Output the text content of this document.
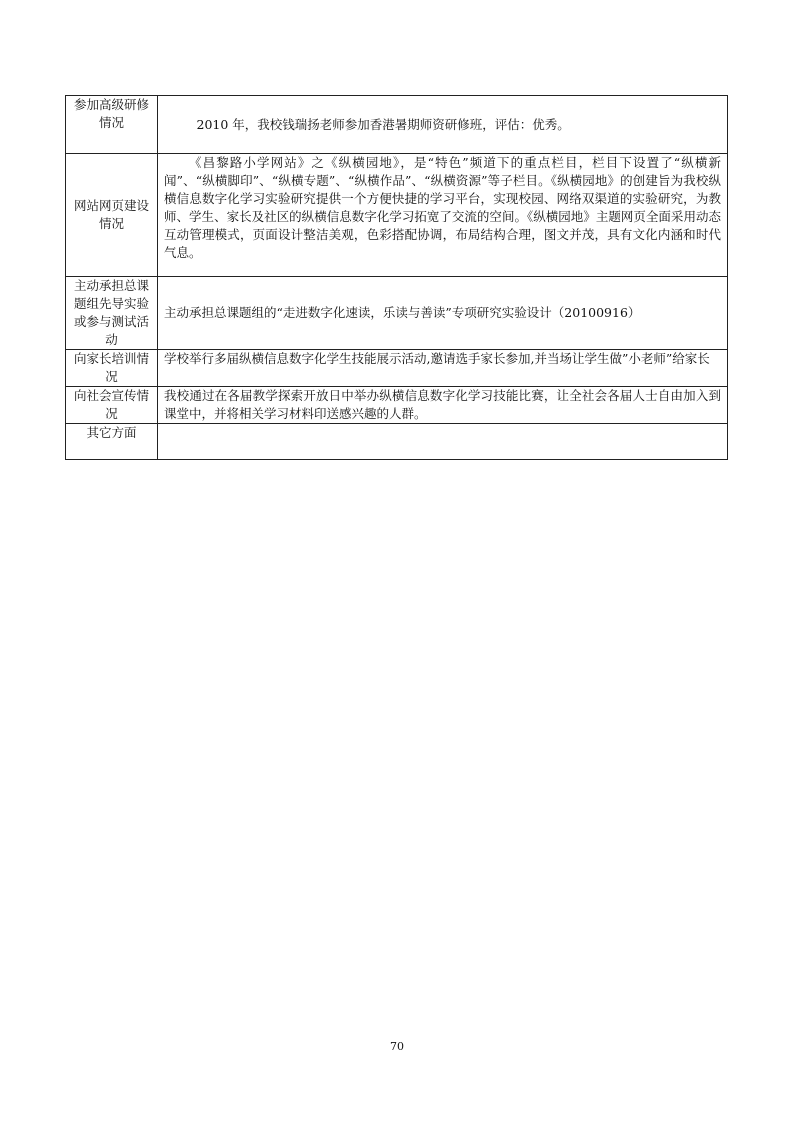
参加高级研修情况	2010 年，我校钱瑞扬老师参加香港暑期师资研修班，评估：优秀。

网站网页建设情况	《昌黎路小学网站》之《纵横园地》，是“特色”频道下的重点栏目，栏目下设置了“纵横新闻”、“纵横脚印”、“纵横专题”、“纵横作品”、“纵横资源”等子栏目。《纵横园地》的创建旨为我校纵横信息数字化学习实验研究提供一个方便快捷的学习平台，实现校园、网络双渠道的实验研究，为教师、学生、家长及社区的纵横信息数字化学习拓宽了交流的空间。《纵横园地》主题网页全面采用动态互动管理模式，页面设计整洁美观，色彩搭配协调，布局结构合理，图文并茂，具有文化内涵和时代气息。

主动承担总课题组先导实验或参与测试活动	主动承担总课题组的“走进数字化速读，乐读与善读”专项研究实验设计（20100916）
向家长培训情况	学校举行多届纵横信息数字化学生技能展示活动,邀请选手家长参加,并当场让学生做”小老师”给家长
向社会宣传情况	我校通过在各届教学探索开放日中举办纵横信息数字化学习技能比赛，让全社会各届人士自由加入到课堂中，并将相关学习材料印送感兴趣的人群。
其它方面	
70
